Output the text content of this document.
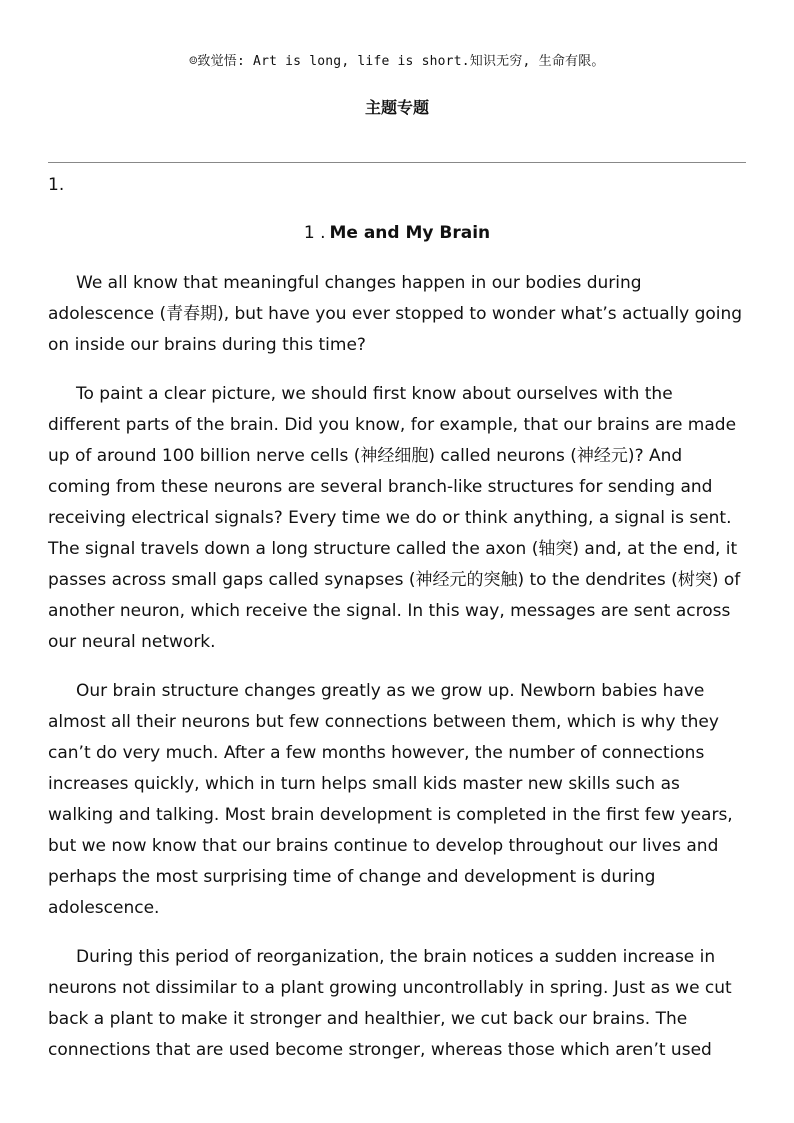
☺致觉悟: Art is long, life is short.知识无穷, 生命有限。
主题专题
1.
1 . Me and My Brain

We all know that meaningful changes happen in our bodies during adolescence (青春期), but have you ever stopped to wonder what’s actually going on inside our brains during this time?

To paint a clear picture, we should first know about ourselves with the different parts of the brain. Did you know, for example, that our brains are made up of around 100 billion nerve cells (神经细胞) called neurons (神经元)? And coming from these neurons are several branch-like structures for sending and receiving electrical signals? Every time we do or think anything, a signal is sent. The signal travels down a long structure called the axon (轴突) and, at the end, it passes across small gaps called synapses (神经元的突触) to the dendrites (树突) of another neuron, which receive the signal. In this way, messages are sent across our neural network.

Our brain structure changes greatly as we grow up. Newborn babies have almost all their neurons but few connections between them, which is why they can’t do very much. After a few months however, the number of connections increases quickly, which in turn helps small kids master new skills such as walking and talking. Most brain development is completed in the first few years, but we now know that our brains continue to develop throughout our lives and perhaps the most surprising time of change and development is during adolescence.

During this period of reorganization, the brain notices a sudden increase in neurons not dissimilar to a plant growing uncontrollably in spring. Just as we cut back a plant to make it stronger and healthier, we cut back our brains. The connections that are used become stronger, whereas those which aren’t used
